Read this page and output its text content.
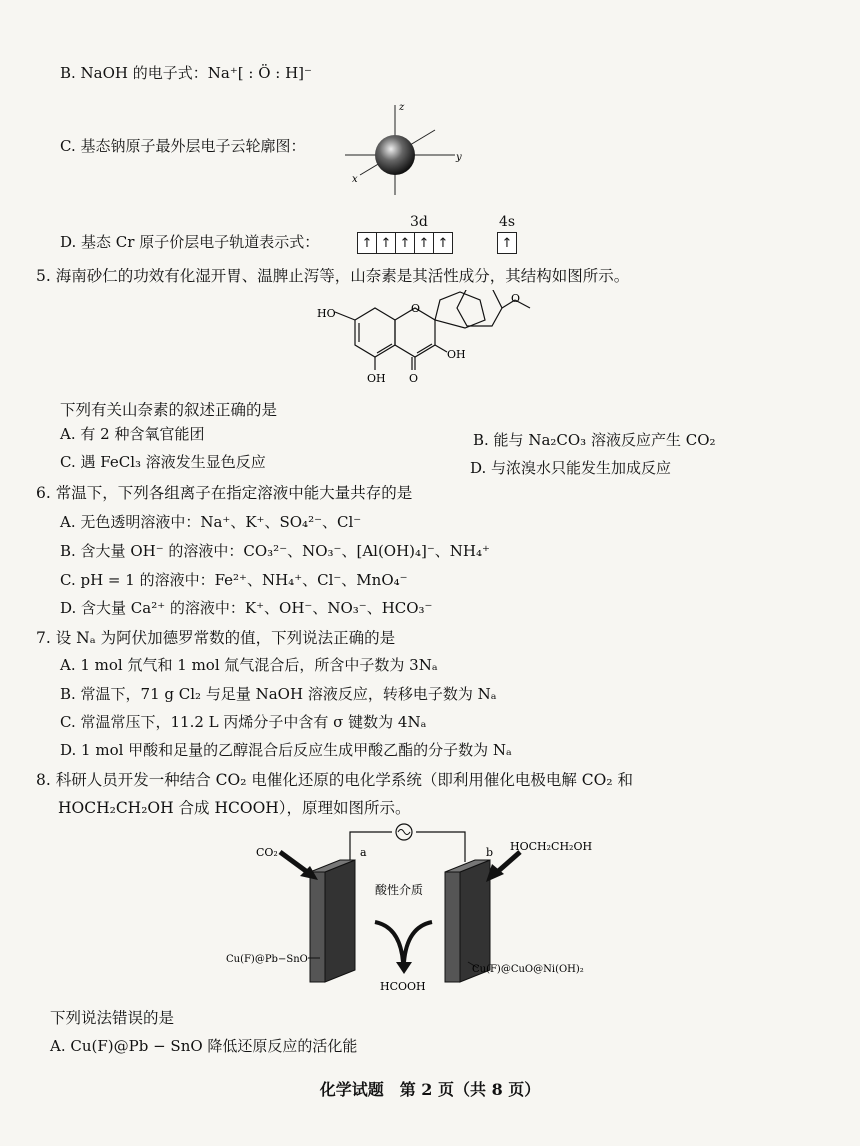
B. NaOH 的电子式：Na⁺[ : Ö : H]⁻
C. 基态钠原子最外层电子云轮廓图：
z
y
x
D. 基态 Cr 原子价层电子轨道表示式：
3d	4s
↑ ↑ ↑ ↑ ↑	↑
5. 海南砂仁的功效有化湿开胃、温脾止泻等，山奈素是其活性成分，其结构如图所示。
HO
OH O
OH
O
O
下列有关山奈素的叙述正确的是
A. 有 2 种含氧官能团	B. 能与 Na₂CO₃ 溶液反应产生 CO₂
C. 遇 FeCl₃ 溶液发生显色反应	D. 与浓溴水只能发生加成反应
6. 常温下，下列各组离子在指定溶液中能大量共存的是
A. 无色透明溶液中：Na⁺、K⁺、SO₄²⁻、Cl⁻
B. 含大量 OH⁻ 的溶液中：CO₃²⁻、NO₃⁻、[Al(OH)₄]⁻、NH₄⁺
C. pH = 1 的溶液中：Fe²⁺、NH₄⁺、Cl⁻、MnO₄⁻
D. 含大量 Ca²⁺ 的溶液中：K⁺、OH⁻、NO₃⁻、HCO₃⁻
7. 设 Nₐ 为阿伏加德罗常数的值，下列说法正确的是
A. 1 mol 氘气和 1 mol 氚气混合后，所含中子数为 3Nₐ
B. 常温下，71 g Cl₂ 与足量 NaOH 溶液反应，转移电子数为 Nₐ
C. 常温常压下，11.2 L 丙烯分子中含有 σ 键数为 4Nₐ
D. 1 mol 甲酸和足量的乙醇混合后反应生成甲酸乙酯的分子数为 Nₐ
8. 科研人员开发一种结合 CO₂ 电催化还原的电化学系统（即利用催化电极电解 CO₂ 和
HOCH₂CH₂OH 合成 HCOOH），原理如图所示。
CO₂	a	b HOCH₂CH₂OH
酸性介质
Cu(F)@Pb−SnO
Cu(F)@CuO@Ni(OH)₂
HCOOH
下列说法错误的是
A. Cu(F)@Pb − SnO 降低还原反应的活化能
化学试题　第 2 页（共 8 页）
